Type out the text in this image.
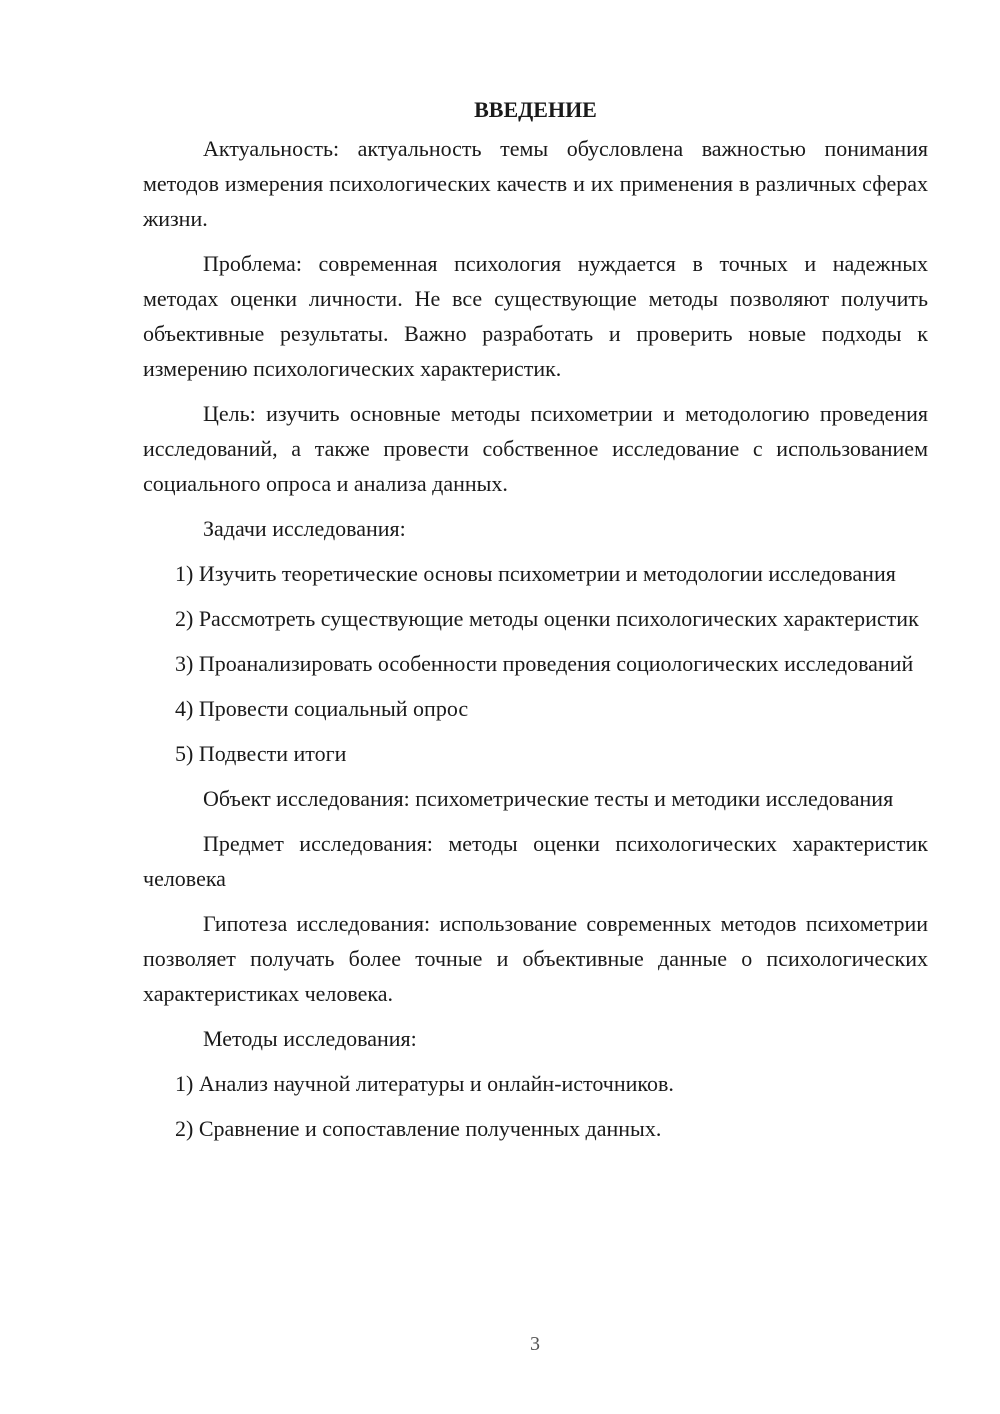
ВВЕДЕНИЕ

Актуальность: актуальность темы обусловлена важностью понимания методов измерения психологических качеств и их применения в различных сферах жизни.

Проблема: современная психология нуждается в точных и надежных методах оценки личности. Не все существующие методы позволяют получить объективные результаты. Важно разработать и проверить новые подходы к измерению психологических характеристик.

Цель: изучить основные методы психометрии и методологию проведения исследований, а также провести собственное исследование с использованием социального опроса и анализа данных.

Задачи исследования:

1) Изучить теоретические основы психометрии и методологии исследования

2) Рассмотреть существующие методы оценки психологических характеристик

3) Проанализировать особенности проведения социологических исследований

4) Провести социальный опрос

5) Подвести итоги

Объект исследования: психометрические тесты и методики исследования

Предмет исследования: методы оценки психологических характеристик человека

Гипотеза исследования: использование современных методов психометрии позволяет получать более точные и объективные данные о психологических характеристиках человека.

Методы исследования:

1) Анализ научной литературы и онлайн-источников.

2) Сравнение и сопоставление полученных данных.

3
